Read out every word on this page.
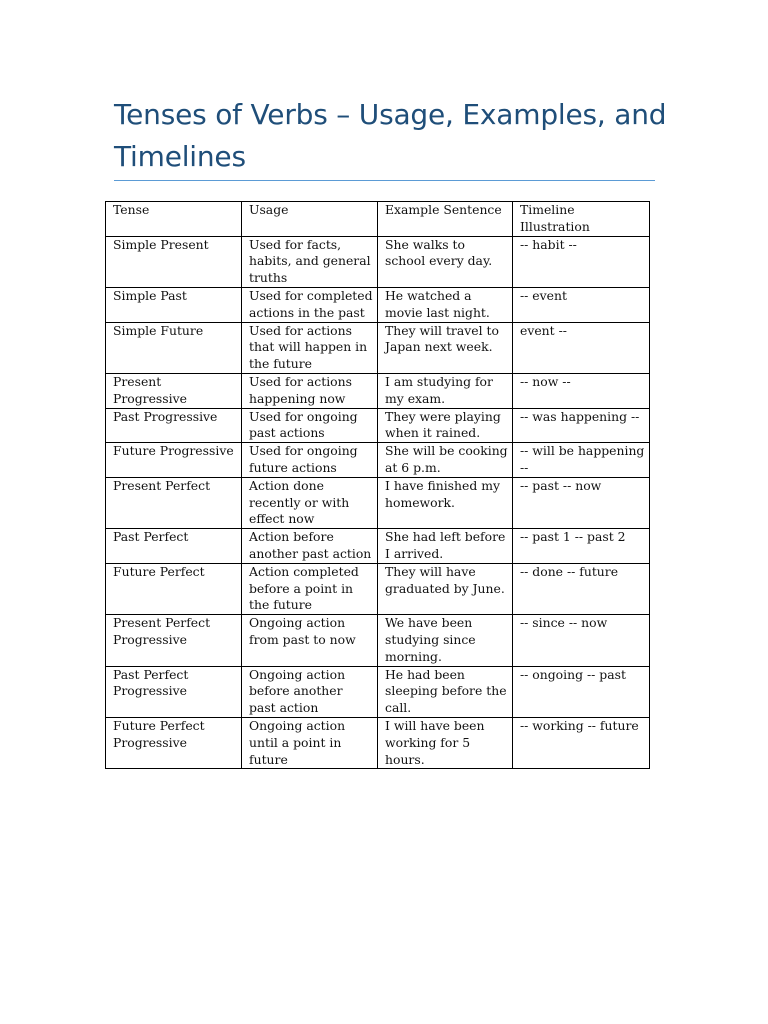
Tenses of Verbs – Usage, Examples, and Timelines
Tense	Usage	Example Sentence	Timeline Illustration
Simple Present	Used for facts, habits, and general truths	She walks to school every day.	-- habit --
Simple Past	Used for completed actions in the past	He watched a movie last night.	-- event
Simple Future	Used for actions that will happen in the future	They will travel to Japan next week.	event --
Present Progressive	Used for actions happening now	I am studying for my exam.	-- now --
Past Progressive	Used for ongoing past actions	They were playing when it rained.	-- was happening --
Future Progressive	Used for ongoing future actions	She will be cooking at 6 p.m.	-- will be happening --
Present Perfect	Action done recently or with effect now	I have finished my homework.	-- past -- now
Past Perfect	Action before another past action	She had left before I arrived.	-- past 1 -- past 2
Future Perfect	Action completed before a point in the future	They will have graduated by June.	-- done -- future
Present Perfect Progressive	Ongoing action from past to now	We have been studying since morning.	-- since -- now
Past Perfect Progressive	Ongoing action before another past action	He had been sleeping before the call.	-- ongoing -- past
Future Perfect Progressive	Ongoing action until a point in future	I will have been working for 5 hours.	-- working -- future
